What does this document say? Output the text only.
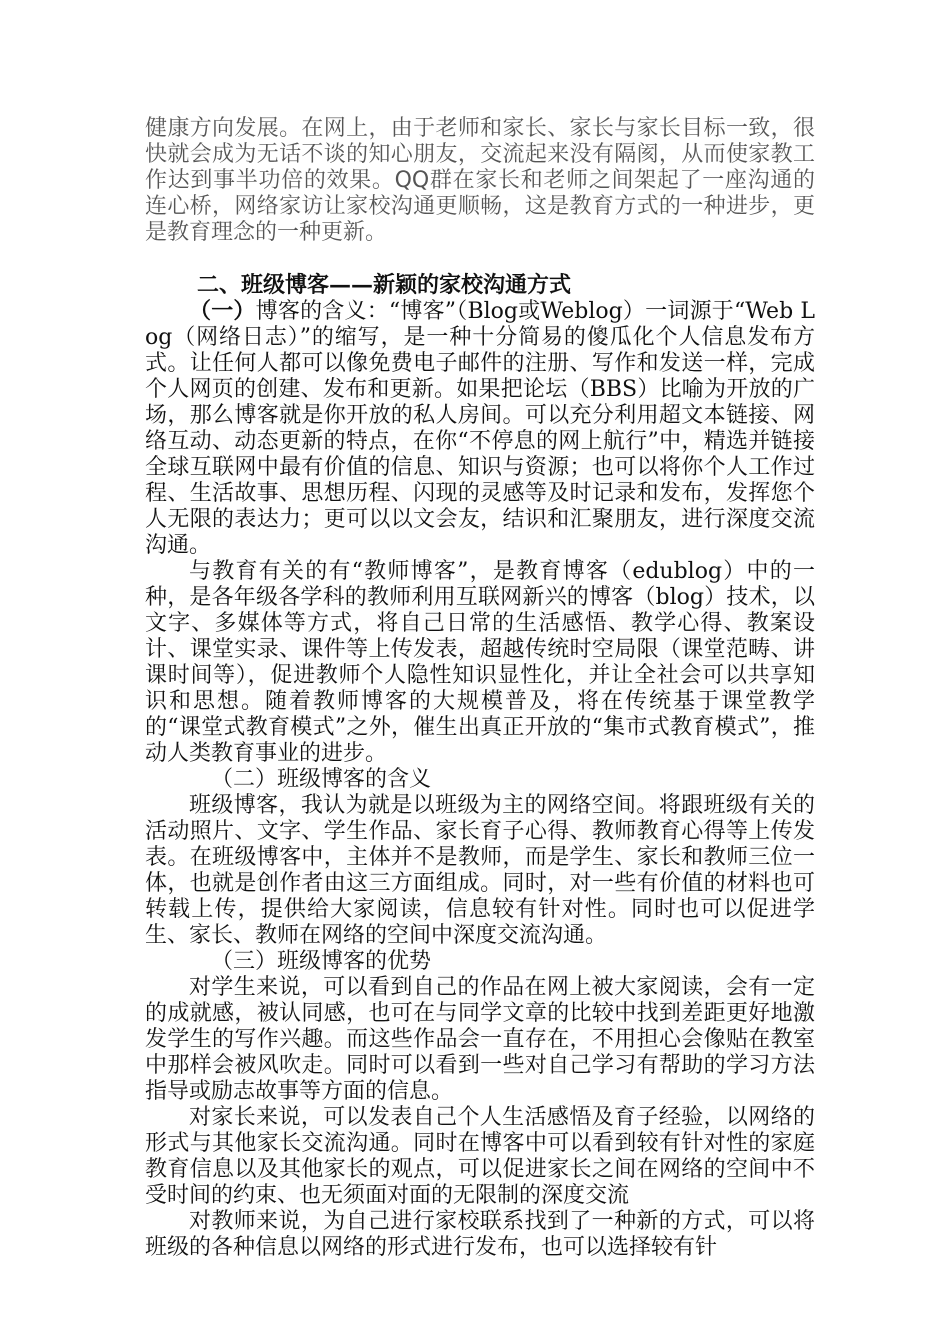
健康方向发展。在网上，由于老师和家长、家长与家长目标一致，很快就会成为无话不谈的知心朋友，交流起来没有隔阂，从而使家教工作达到事半功倍的效果。QQ群在家长和老师之间架起了一座沟通的连心桥，网络家访让家校沟通更顺畅，这是教育方式的一种进步，更是教育理念的一种更新。

二、班级博客——新颖的家校沟通方式

（一）博客的含义：“博客”（Blog或Weblog）一词源于“Web Log（网络日志）”的缩写，是一种十分简易的傻瓜化个人信息发布方式。让任何人都可以像免费电子邮件的注册、写作和发送一样，完成个人网页的创建、发布和更新。如果把论坛（BBS）比喻为开放的广场，那么博客就是你开放的私人房间。可以充分利用超文本链接、网络互动、动态更新的特点，在你“不停息的网上航行”中，精选并链接全球互联网中最有价值的信息、知识与资源；也可以将你个人工作过程、生活故事、思想历程、闪现的灵感等及时记录和发布，发挥您个人无限的表达力；更可以以文会友，结识和汇聚朋友，进行深度交流沟通。

与教育有关的有“教师博客”，是教育博客（edublog）中的一种，是各年级各学科的教师利用互联网新兴的博客（blog）技术，以文字、多媒体等方式，将自己日常的生活感悟、教学心得、教案设计、课堂实录、课件等上传发表，超越传统时空局限（课堂范畴、讲课时间等），促进教师个人隐性知识显性化，并让全社会可以共享知识和思想。随着教师博客的大规模普及，将在传统基于课堂教学的“课堂式教育模式”之外，催生出真正开放的“集市式教育模式”，推动人类教育事业的进步。

（二）班级博客的含义

班级博客，我认为就是以班级为主的网络空间。将跟班级有关的活动照片、文字、学生作品、家长育子心得、教师教育心得等上传发表。在班级博客中，主体并不是教师，而是学生、家长和教师三位一体，也就是创作者由这三方面组成。同时，对一些有价值的材料也可转载上传，提供给大家阅读，信息较有针对性。同时也可以促进学生、家长、教师在网络的空间中深度交流沟通。

（三）班级博客的优势

对学生来说，可以看到自己的作品在网上被大家阅读，会有一定的成就感，被认同感，也可在与同学文章的比较中找到差距更好地激发学生的写作兴趣。而这些作品会一直存在，不用担心会像贴在教室中那样会被风吹走。同时可以看到一些对自己学习有帮助的学习方法指导或励志故事等方面的信息。

对家长来说，可以发表自己个人生活感悟及育子经验，以网络的形式与其他家长交流沟通。同时在博客中可以看到较有针对性的家庭教育信息以及其他家长的观点，可以促进家长之间在网络的空间中不受时间的约束、也无须面对面的无限制的深度交流

对教师来说，为自己进行家校联系找到了一种新的方式，可以将班级的各种信息以网络的形式进行发布，也可以选择较有针
